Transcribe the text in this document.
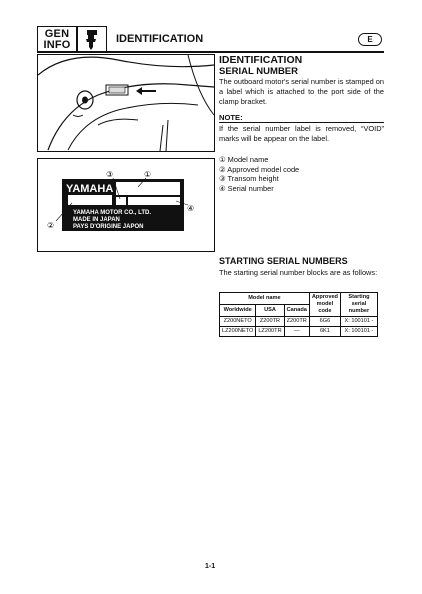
GEN
INFO	IDENTIFICATION	E
YAMAHA
YAMAHA MOTOR CO., LTD.
MADE IN JAPAN
PAYS D'ORIGINE JAPON
③	①
②
④
IDENTIFICATION
SERIAL NUMBER
The outboard motor's serial number is stamped on a label which is attached to the port side of the clamp bracket.
NOTE:
If the serial number label is removed, “VOID” marks will be appear on the label.
① Model name
② Approved model code
③ Transom height
④ Serial number
STARTING SERIAL NUMBERS
The starting serial number blocks are as follows:
Model name			Approved model code	Starting serial number
Worldwide	USA	Canada		
Z200NETO	Z200TR	Z200TR	6G6	X: 100101 -
LZ200NETO	LZ200TR	—	6K1	X: 100101 -
1-1
